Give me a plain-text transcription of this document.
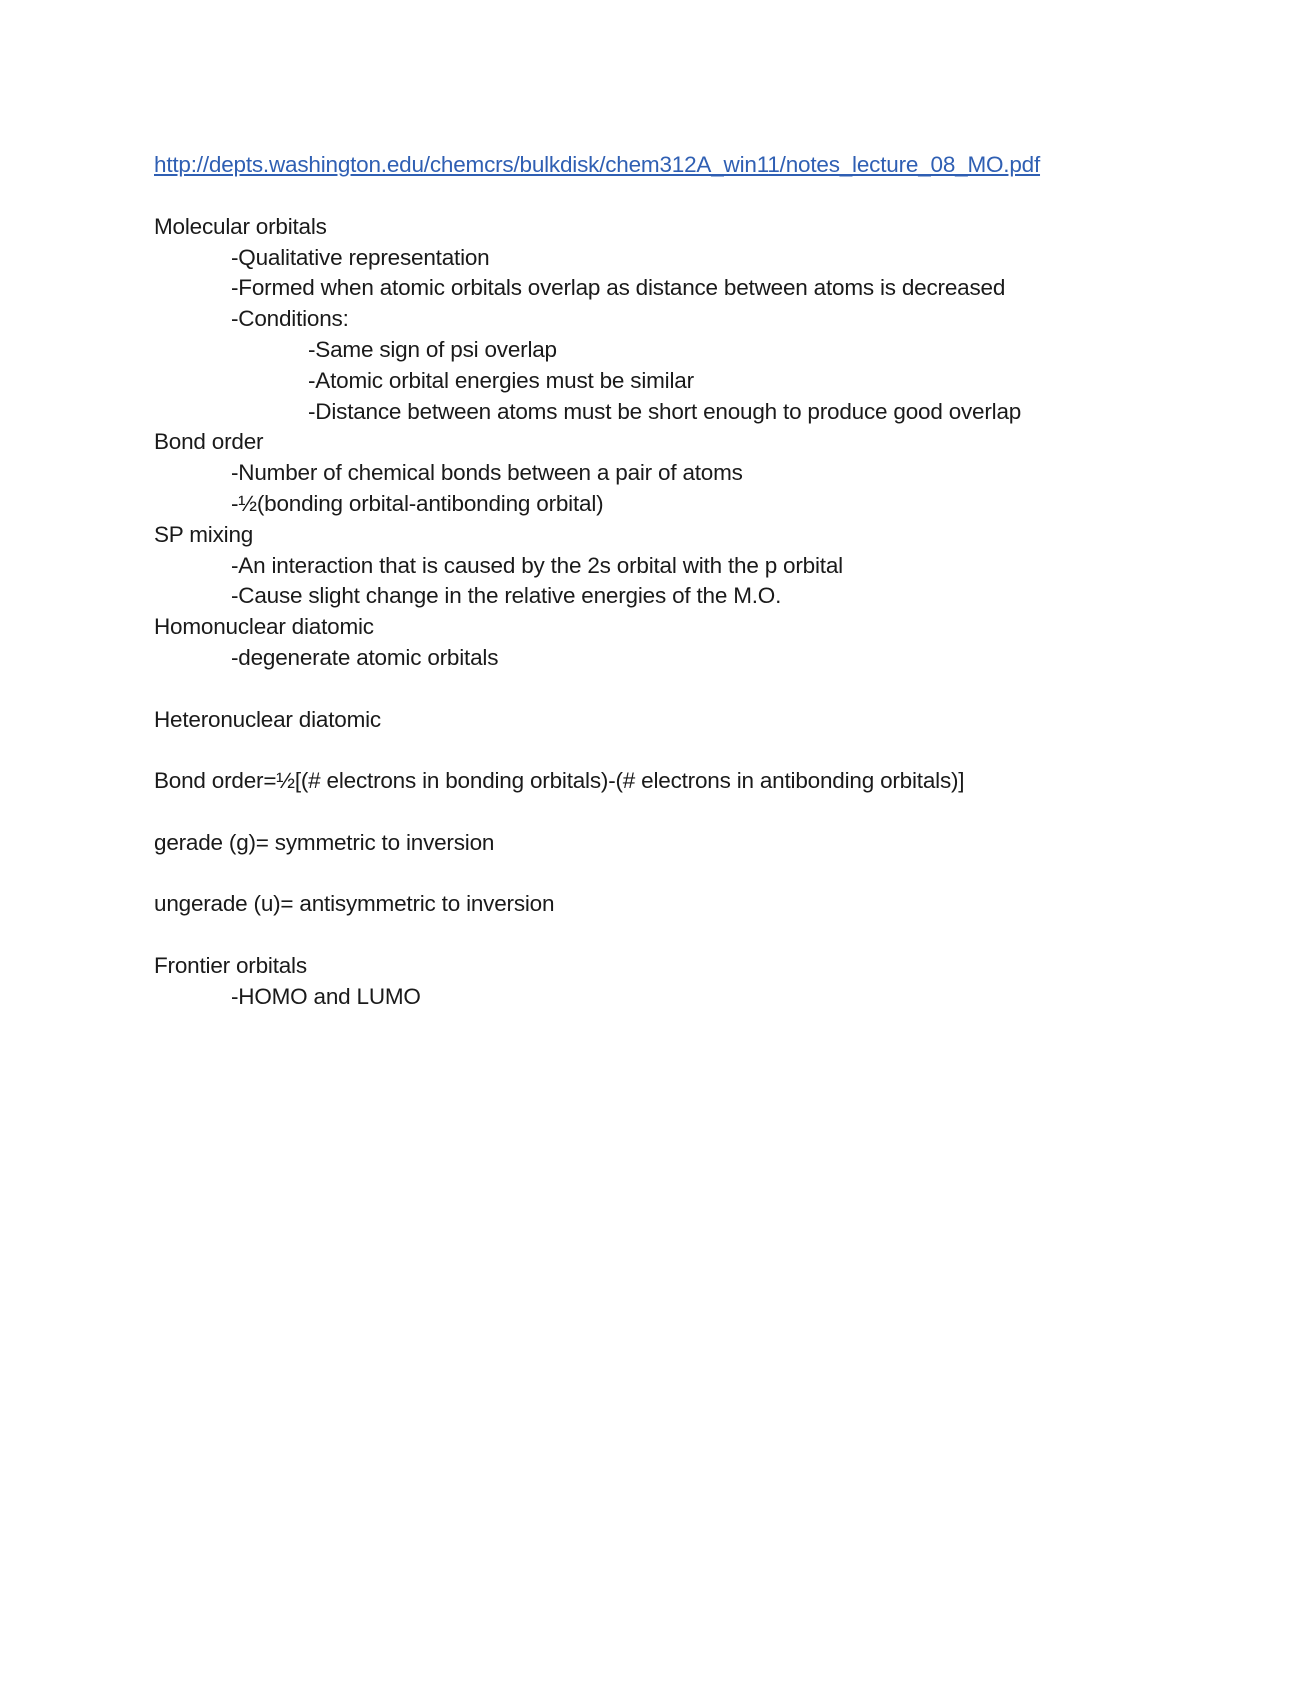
http://depts.washington.edu/chemcrs/bulkdisk/chem312A_win11/notes_lecture_08_MO.pdf
Molecular orbitals
-Qualitative representation
-Formed when atomic orbitals overlap as distance between atoms is decreased
-Conditions:
-Same sign of psi overlap
-Atomic orbital energies must be similar
-Distance between atoms must be short enough to produce good overlap
Bond order
-Number of chemical bonds between a pair of atoms
-½(bonding orbital-antibonding orbital)
SP mixing
-An interaction that is caused by the 2s orbital with the p orbital
-Cause slight change in the relative energies of the M.O.
Homonuclear diatomic
-degenerate atomic orbitals
Heteronuclear diatomic
Bond order=½[(# electrons in bonding orbitals)-(# electrons in antibonding orbitals)]
gerade (g)= symmetric to inversion
ungerade (u)= antisymmetric to inversion
Frontier orbitals
-HOMO and LUMO
